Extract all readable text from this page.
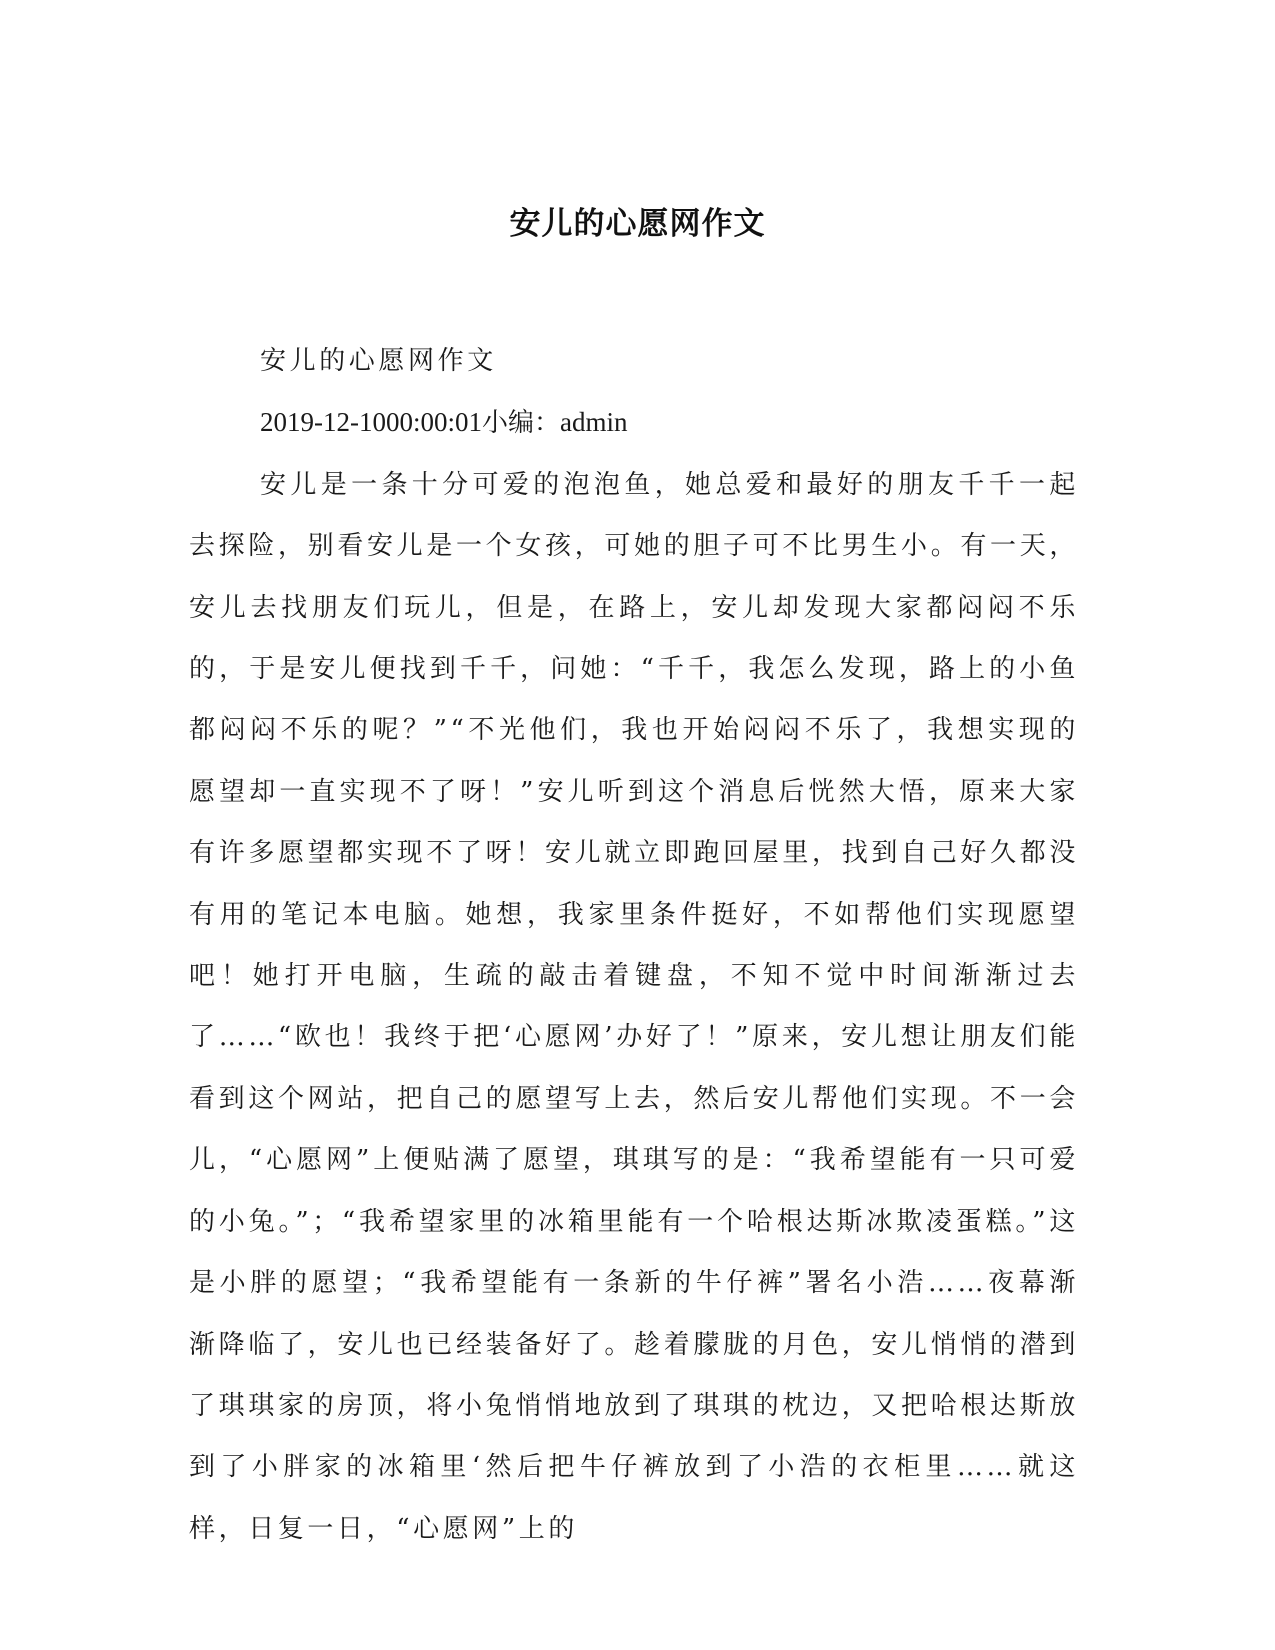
安儿的心愿网作文

安儿的心愿网作文

2019-12-1000:00:01小编：admin

安儿是一条十分可爱的泡泡鱼，她总爱和最好的朋友千千一起去探险，别看安儿是一个女孩，可她的胆子可不比男生小。有一天，安儿去找朋友们玩儿，但是，在路上，安儿却发现大家都闷闷不乐的，于是安儿便找到千千，问她：“千千，我怎么发现，路上的小鱼都闷闷不乐的呢？”“不光他们，我也开始闷闷不乐了，我想实现的愿望却一直实现不了呀！”安儿听到这个消息后恍然大悟，原来大家有许多愿望都实现不了呀！安儿就立即跑回屋里，找到自己好久都没有用的笔记本电脑。她想，我家里条件挺好，不如帮他们实现愿望吧！她打开电脑，生疏的敲击着键盘，不知不觉中时间渐渐过去了……“欧也！我终于把‘心愿网’办好了！”原来，安儿想让朋友们能看到这个网站，把自己的愿望写上去，然后安儿帮他们实现。不一会儿，“心愿网”上便贴满了愿望，琪琪写的是：“我希望能有一只可爱的小兔。”；“我希望家里的冰箱里能有一个哈根达斯冰欺凌蛋糕。”这是小胖的愿望；“我希望能有一条新的牛仔裤”署名小浩……夜幕渐渐降临了，安儿也已经装备好了。趁着朦胧的月色，安儿悄悄的潜到了琪琪家的房顶，将小兔悄悄地放到了琪琪的枕边，又把哈根达斯放到了小胖家的冰箱里‘然后把牛仔裤放到了小浩的衣柜里……就这样，日复一日，“心愿网”上的
